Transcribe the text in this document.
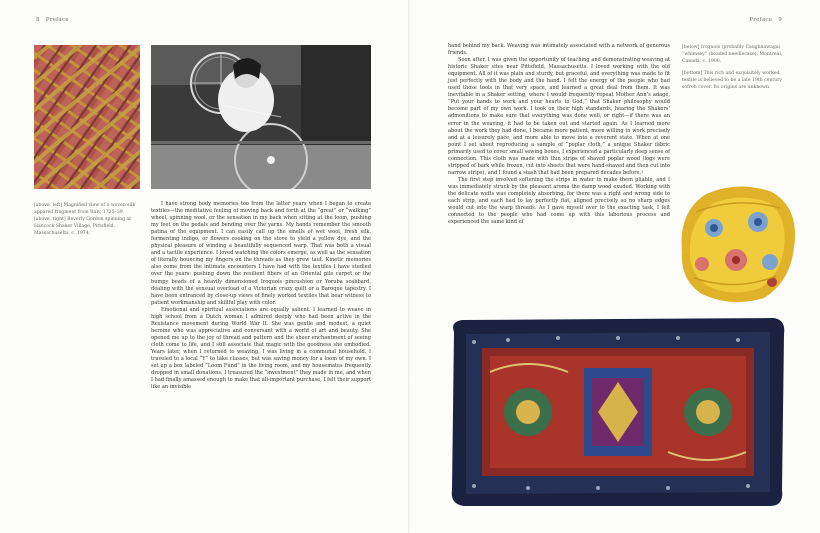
8 Preface
[above, left] Magnified view of a woven silk appareil fragment from Italy, 1725–39.
[above, right] Beverly Gordon spinning at Hancock Shaker Village, Pittsfield, Massachusetts, c. 1974.

I have strong body memories too from the latter years when I began to create textiles—the meditative feeling of moving back and forth at the “great” or “walking” wheel, spinning wool, or the sensation in my back when sitting at the loom, pushing my feet on the pedals and bending over the yarns. My hands remember the smooth patina of the equipment. I can easily call up the smells of wet wool, fresh silk, fermenting indigo, or flowers cooking on the stove to yield a yellow dye, and the physical pleasure of winding a beautifully sequenced warp. That was both a visual and a tactile experience. I loved watching the colors emerge, as well as the sensation of literally bouncing my fingers on the threads as they grew taut. Kinetic memories also come from the intimate encounters I have had with the textiles I have studied over the years: pushing down the resilient fibers of an Oriental pile carpet or the bumpy beads of a heavily dimensioned Iroquois pincushion or Yoruba scabbard, dealing with the sensual overload of a Victorian crazy quilt or a Baroque tapestry. I have been entranced by close-up views of finely worked textiles that bear witness to patient workmanship and skillful play with color.

Emotional and spiritual associations are equally salient. I learned to weave in high school from a Dutch woman I admired deeply who had been active in the Resistance movement during World War II. She was gentle and modest, a quiet heroine who was appreciative and conversant with a world of art and beauty. She opened me up to the joy of thread and pattern and the sheer enchantment of seeing cloth come to life, and I still associate that magic with the goodness she embodied. Years later, when I returned to weaving, I was living in a communal household. I traveled to a local “Y” to take classes, but was saving money for a loom of my own. I set up a box labeled “Loom Fund” in the living room, and my housemates frequently dropped in small donations. I treasured the “investment” they made in me, and when I had finally amassed enough to make that all-important purchase, I felt their support like an invisible

Preface 9

hand behind my back. Weaving was intimately associated with a network of generous friends.

Soon after, I was given the opportunity of teaching and demonstrating weaving at historic Shaker sites near Pittsfield, Massachusetts. I loved working with the old equipment. All of it was plain and sturdy, but graceful, and everything was made to fit just perfectly with the body and the hand. I felt the energy of the people who had used those tools in that very space, and learned a great deal from them. It was inevitable in a Shaker setting, where I would frequently repeat Mother Ann’s adage, “Put your hands to work and your hearts to God,” that Shaker philosophy would become part of my own work. I took on their high standards, hearing the Shakers’ admonitions to make sure that everything was done well, or right—if there was an error in the weaving, it had to be taken out and started again. As I learned more about the work they had done, I became more patient, more willing to work precisely and at a leisurely pace, and more able to move into a reverent state. When at one point I set about reproducing a sample of “poplar cloth,” a unique Shaker fabric primarily used to cover small sewing boxes, I experienced a particularly deep sense of connection. This cloth was made with thin strips of shaved poplar wood (logs were stripped of bark while frozen, cut into sheets that were hand-shaved and then cut into narrow strips), and I found a stash that had been prepared decades before.³

The first step involved softening the strips in water to make them pliable, and I was immediately struck by the pleasant aroma the damp wood exuded. Working with the delicate wefts was completely absorbing, for there was a right and wrong side to each strip, and each had to lay perfectly flat, aligned precisely so no sharp edges would cut into the warp threads. As I gave myself over to the exacting task, I felt connected to the people who had come up with this laborious process and experienced the same kind of

[below] Iroquois (probably Caughnawaga) “whimsey” (beaded needlecase), Montreal, Canada, c. 1900.
[bottom] This rich and exquisitely worked textile is believed to be a late 19th century sofreh cover. Its origins are unknown.
